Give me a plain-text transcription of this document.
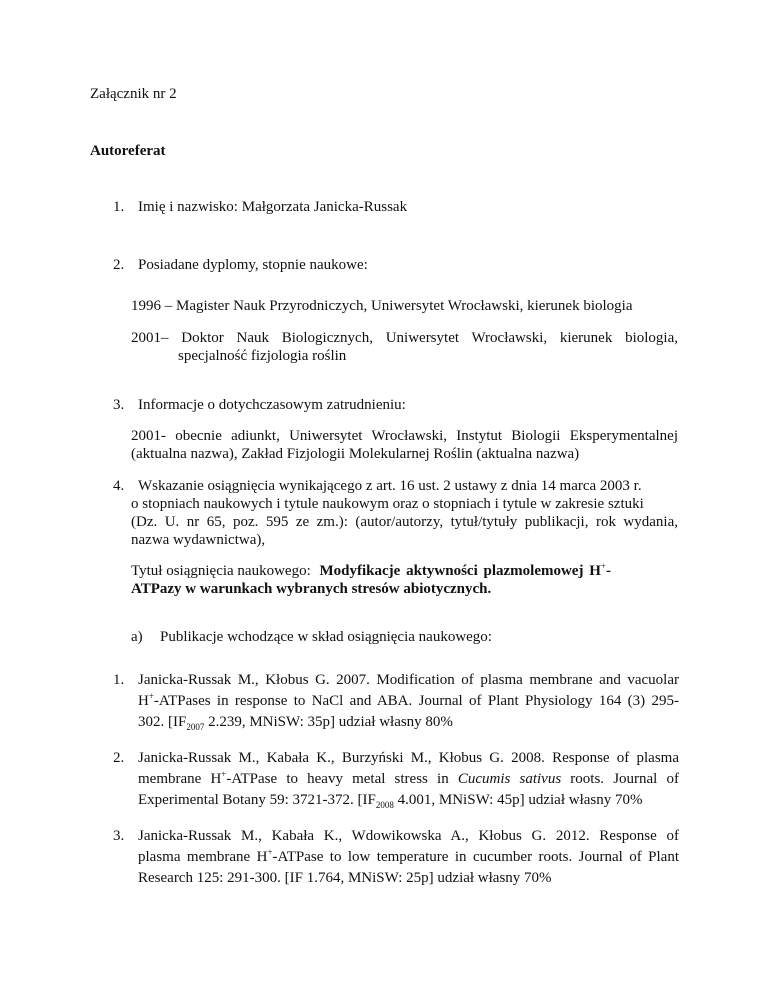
Załącznik nr 2
Autoreferat
1. Imię i nazwisko: Małgorzata Janicka-Russak
2. Posiadane dyplomy, stopnie naukowe:
1996 – Magister Nauk Przyrodniczych, Uniwersytet Wrocławski, kierunek biologia
2001– Doktor Nauk Biologicznych, Uniwersytet Wrocławski, kierunek biologia,
specjalność fizjologia roślin
3. Informacje o dotychczasowym zatrudnieniu:
2001- obecnie adiunkt, Uniwersytet Wrocławski, Instytut Biologii Eksperymentalnej
(aktualna nazwa), Zakład Fizjologii Molekularnej Roślin (aktualna nazwa)
4. Wskazanie osiągnięcia wynikającego z art. 16 ust. 2 ustawy z dnia 14 marca 2003 r.
o stopniach naukowych i tytule naukowym oraz o stopniach i tytule w zakresie sztuki
(Dz. U. nr 65, poz. 595 ze zm.): (autor/autorzy, tytuł/tytuły publikacji, rok wydania,
nazwa wydawnictwa),
Tytuł osiągnięcia naukowego: Modyfikacje aktywności plazmolemowej H+-
ATPazy w warunkach wybranych stresów abiotycznych.
a) Publikacje wchodzące w skład osiągnięcia naukowego:
1. Janicka-Russak M., Kłobus G. 2007. Modification of plasma membrane and vacuolar
H+-ATPases in response to NaCl and ABA. Journal of Plant Physiology 164 (3) 295-
302. [$IF_{2007}$ 2.239, MNiSW: 35p] udział własny 80%
2. Janicka-Russak M., Kabała K., Burzyński M., Kłobus G. 2008. Response of plasma
membrane H+-ATPase to heavy metal stress in Cucumis sativus roots. Journal of
Experimental Botany 59: 3721-372. [$IF_{2008}$ 4.001, MNiSW: 45p] udział własny 70%
3. Janicka-Russak M., Kabała K., Wdowikowska A., Kłobus G. 2012. Response of
plasma membrane H+-ATPase to low temperature in cucumber roots. Journal of Plant
Research 125: 291-300. [IF 1.764, MNiSW: 25p] udział własny 70%
